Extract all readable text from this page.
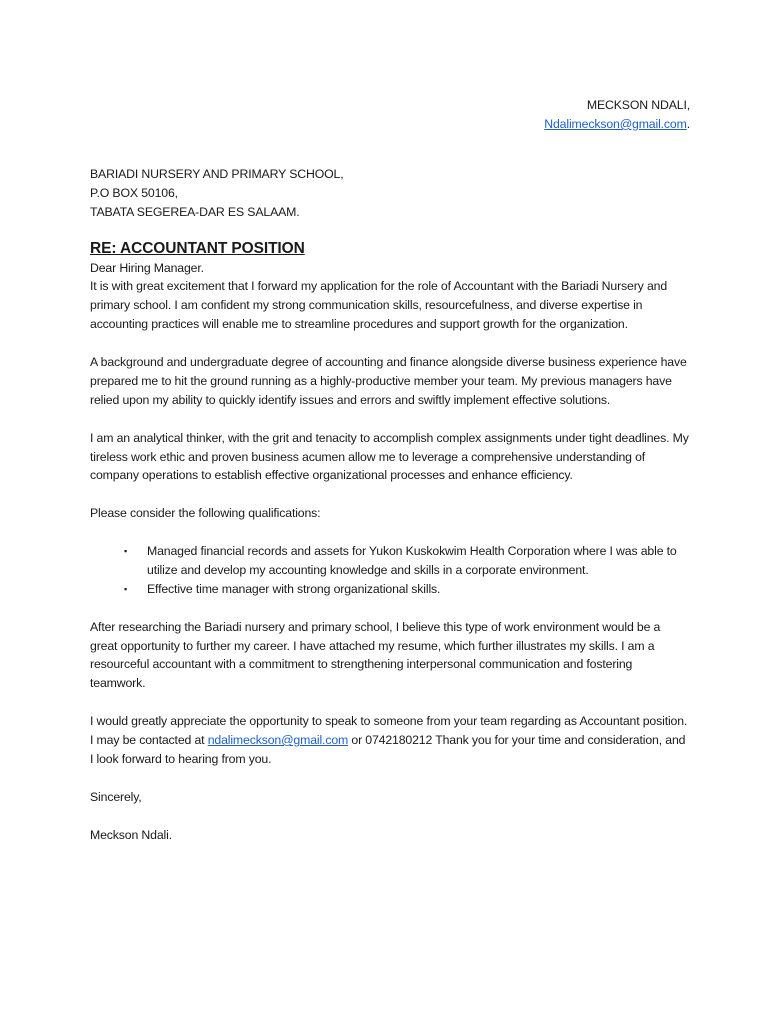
MECKSON NDALI,
Ndalimeckson@gmail.com.
BARIADI NURSERY AND PRIMARY SCHOOL,
P.O BOX 50106,
TABATA SEGEREA-DAR ES SALAAM.
RE: ACCOUNTANT POSITION
Dear Hiring Manager.

It is with great excitement that I forward my application for the role of Accountant with the Bariadi Nursery and primary school. I am confident my strong communication skills, resourcefulness, and diverse expertise in accounting practices will enable me to streamline procedures and support growth for the organization.

A background and undergraduate degree of accounting and finance alongside diverse business experience have prepared me to hit the ground running as a highly-productive member your team. My previous managers have relied upon my ability to quickly identify issues and errors and swiftly implement effective solutions.

I am an analytical thinker, with the grit and tenacity to accomplish complex assignments under tight deadlines. My tireless work ethic and proven business acumen allow me to leverage a comprehensive understanding of company operations to establish effective organizational processes and enhance efficiency.

Please consider the following qualifications:

▪ Managed financial records and assets for Yukon Kuskokwim Health Corporation where I was able to utilize and develop my accounting knowledge and skills in a corporate environment.
▪ Effective time manager with strong organizational skills.

After researching the Bariadi nursery and primary school, I believe this type of work environment would be a great opportunity to further my career. I have attached my resume, which further illustrates my skills. I am a resourceful accountant with a commitment to strengthening interpersonal communication and fostering teamwork.

I would greatly appreciate the opportunity to speak to someone from your team regarding as Accountant position. I may be contacted at ndalimeckson@gmail.com or 0742180212 Thank you for your time and consideration, and I look forward to hearing from you.

Sincerely,
Meckson Ndali.
